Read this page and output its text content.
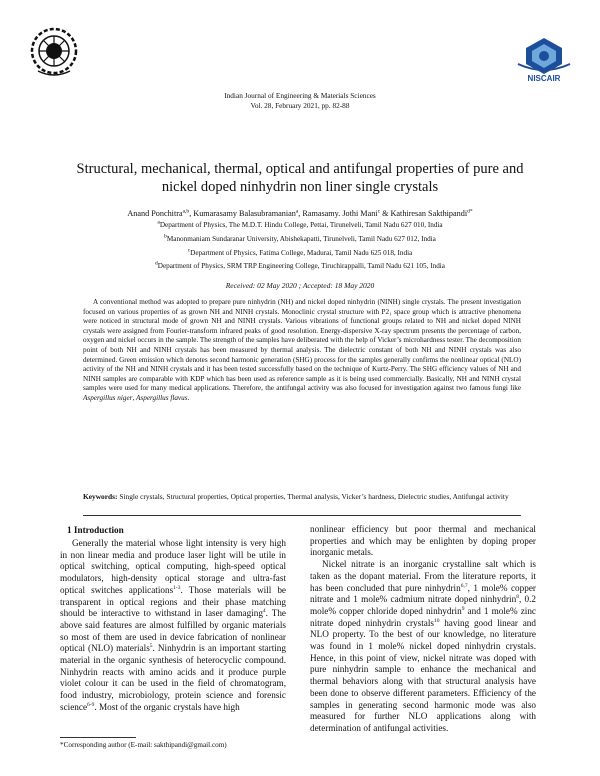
NISCAIR
Indian Journal of Engineering & Materials Sciences
Vol. 28, February 2021, pp. 82-88
Structural, mechanical, thermal, optical and antifungal properties of pure and
nickel doped ninhydrin non liner single crystals
Anand Ponchitra$^{a,b}$, Kumarasamy Balasubramanian$^a$, Ramasamy. Jothi Mani$^c$ & Kathiresan Sakthipandi$^{d*}$
$^a$Department of Physics, The M.D.T. Hindu College, Pettai, Tirunelveli, Tamil Nadu 627 010, India
$^b$Manonmaniam Sundaranar University, Abishekapatti, Tirunelveli, Tamil Nadu 627 012, India
$^c$Department of Physics, Fatima College, Madurai, Tamil Nadu 625 018, India
$^d$Department of Physics, SRM TRP Engineering College, Tiruchirappalli, Tamil Nadu 621 105, India
Received: 02 May 2020 ; Accepted: 18 May 2020
A conventional method was adopted to prepare pure ninhydrin (NH) and nickel doped ninhydrin (NINH) single crystals. The present investigation focused on various properties of as grown NH and NINH crystals. Monoclinic crystal structure with P2₁ space group which is attractive phenomena were noticed in structural mode of grown NH and NINH crystals. Various vibrations of functional groups related to NH and nickel doped NINH crystals were assigned from Fourier-transform infrared peaks of good resolution. Energy-dispersive X-ray spectrum presents the percentage of carbon, oxygen and nickel occurs in the sample. The strength of the samples have deliberated with the help of Vicker’s microhardness tester. The decomposition point of both NH and NINH crystals has been measured by thermal analysis. The dielectric constant of both NH and NINH crystals was also determined. Green emission which denotes second harmonic generation (SHG) process for the samples generally confirms the nonlinear optical (NLO) activity of the NH and NINH crystals and it has been tested successfully based on the technique of Kurtz-Perry. The SHG efficiency values of NH and NINH samples are comparable with KDP which has been used as reference sample as it is being used commercially. Basically, NH and NINH crystal samples were used for many medical applications. Therefore, the antifungal activity was also focused for investigation against two famous fungi like Aspergillus niger, Aspergillus flavus.
Keywords: Single crystals, Structural properties, Optical properties, Thermal analysis, Vicker’s hardness, Dielectric studies, Antifungal activity
1 Introduction

Generally the material whose light intensity is very high in non linear media and produce laser light will be utile in optical switching, optical computing, high-speed optical modulators, high-density optical storage and ultra-fast optical switches applications$^{1-3}$. Those materials will be transparent in optical regions and their phase matching should be interactive to withstand in laser damaging$^4$. The above said features are almost fulfilled by organic materials so most of them are used in device fabrication of nonlinear optical (NLO) materials$^5$. Ninhydrin is an important starting material in the organic synthesis of heterocyclic compound. Ninhydrin reacts with amino acids and it produce purple violet colour it can be used in the field of chromatogram, food industry, microbiology, protein science and forensic science$^{6-9}$. Most of the organic crystals have high

nonlinear efficiency but poor thermal and mechanical properties and which may be enlighten by doping proper inorganic metals.

Nickel nitrate is an inorganic crystalline salt which is taken as the dopant material. From the literature reports, it has been concluded that pure ninhydrin$^{6,7}$, 1 mole% copper nitrate and 1 mole% cadmium nitrate doped ninhydrin$^8$, 0.2 mole% copper chloride doped ninhydrin$^9$ and 1 mole% zinc nitrate doped ninhydrin crystals$^{10}$ having good linear and NLO property. To the best of our knowledge, no literature was found in 1 mole% nickel doped ninhydrin crystals. Hence, in this point of view, nickel nitrate was doped with pure ninhydrin sample to enhance the mechanical and thermal behaviors along with that structural analysis have been done to observe different parameters. Efficiency of the samples in generating second harmonic mode was also measured for further NLO applications along with determination of antifungal activities.

*Corresponding author (E-mail: sakthipandi@gmail.com)
